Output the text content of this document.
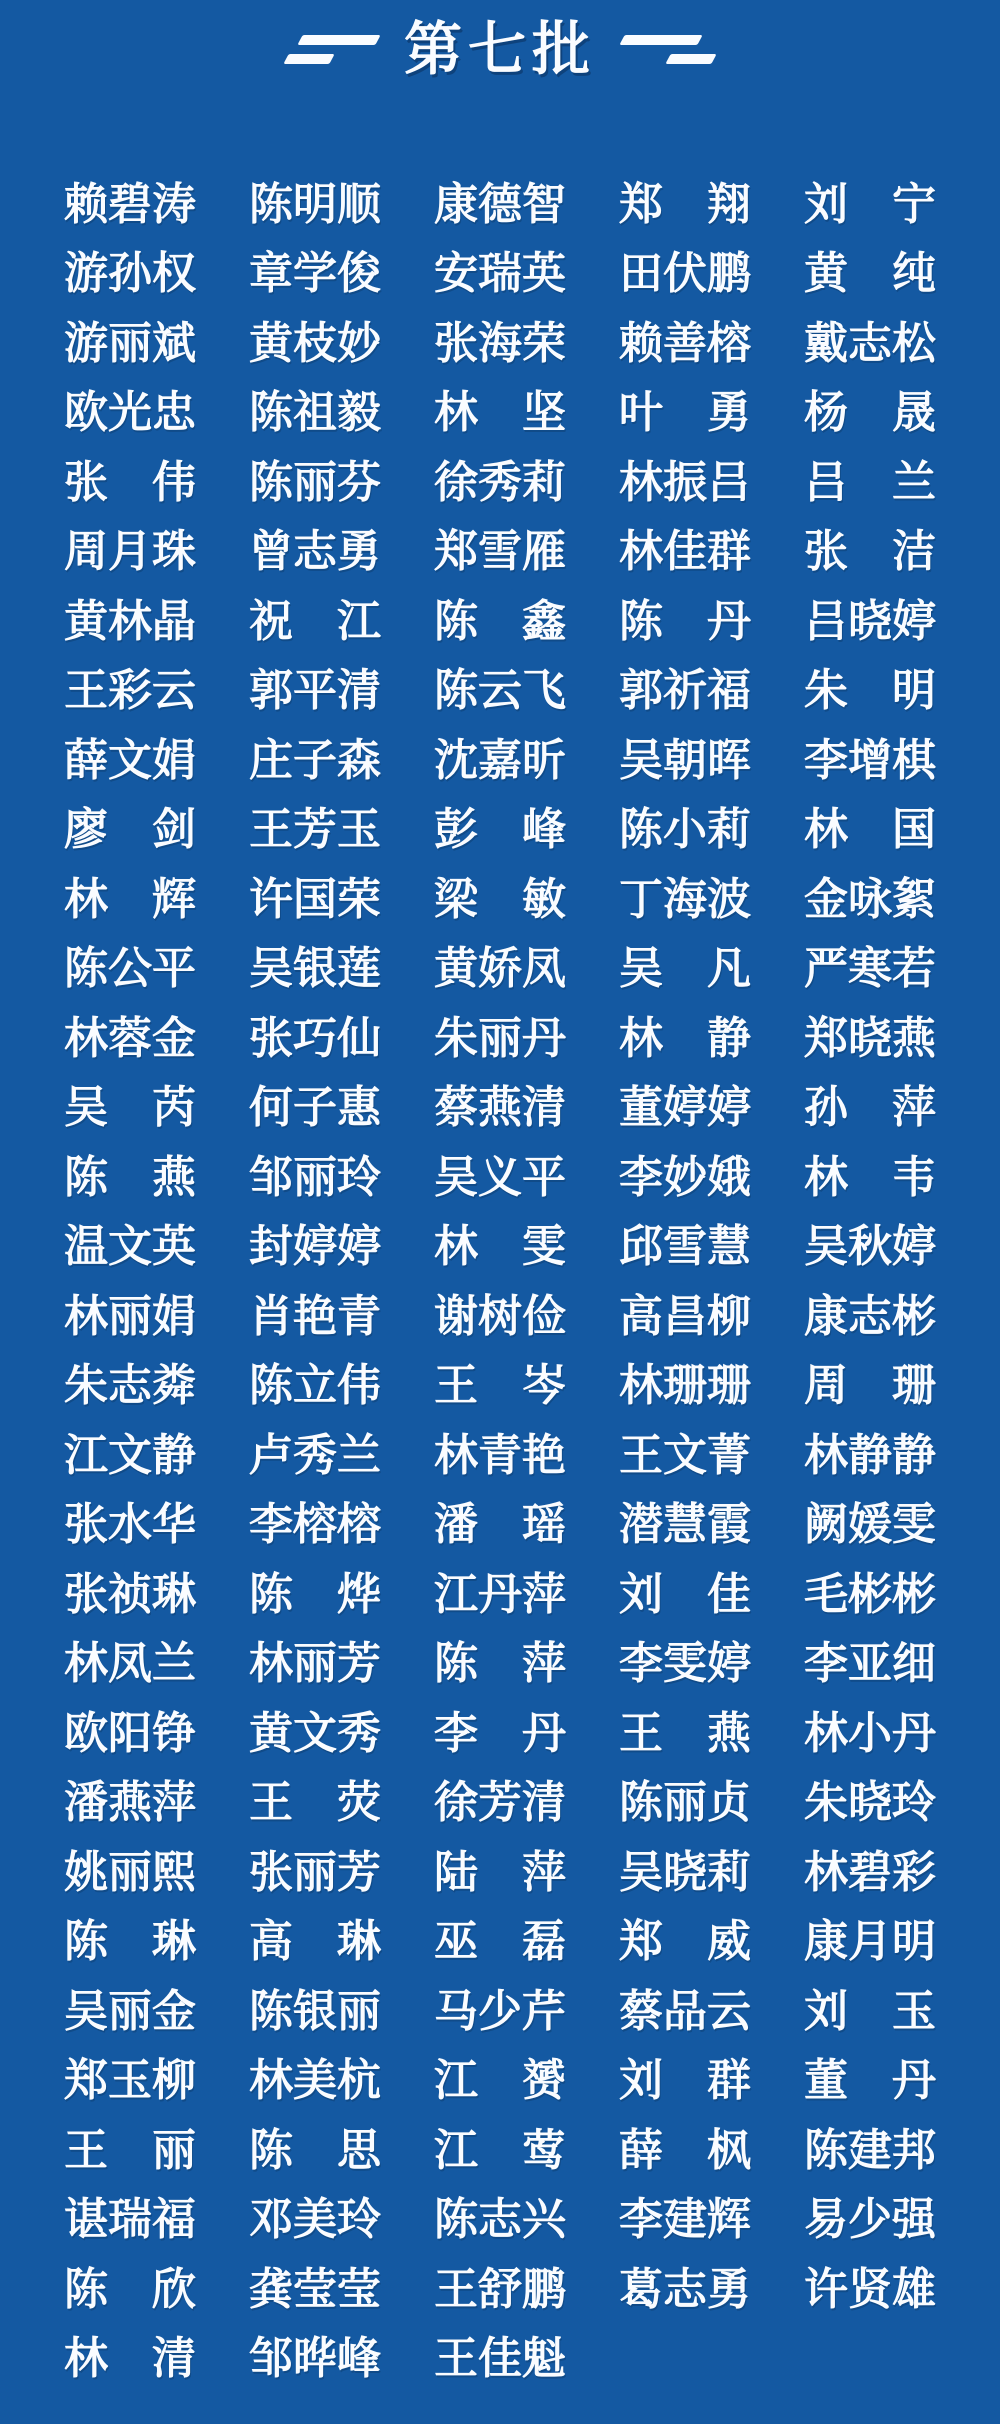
第七批
赖 碧 涛 陈 明 顺 康 德 智 郑 翔 刘 宁
游 孙 权 章 学 俊 安 瑞 英 田 伏 鹏 黄 纯
游 丽 斌 黄 枝 妙 张 海 荣 赖 善 榕 戴 志 松
欧 光 忠 陈 祖 毅 林 坚 叶 勇 杨 晟
张 伟 陈 丽 芬 徐 秀 莉 林 振 吕 吕 兰
周 月 珠 曾 志 勇 郑 雪 雁 林 佳 群 张 洁
黄 林 晶 祝 江 陈 鑫 陈 丹 吕 晓 婷
王 彩 云 郭 平 清 陈 云 飞 郭 祈 福 朱 明
薛 文 娟 庄 子 森 沈 嘉 昕 吴 朝 晖 李 增 棋
廖 剑 王 芳 玉 彭 峰 陈 小 莉 林 国
林 辉 许 国 荣 梁 敏 丁 海 波 金 咏 絮
陈 公 平 吴 银 莲 黄 娇 凤 吴 凡 严 寒 若
林 蓉 金 张 巧 仙 朱 丽 丹 林 静 郑 晓 燕
吴 芮 何 子 惠 蔡 燕 清 董 婷 婷 孙 萍
陈 燕 邹 丽 玲 吴 义 平 李 妙 娥 林 韦
温 文 英 封 婷 婷 林 雯 邱 雪 慧 吴 秋 婷
林 丽 娟 肖 艳 青 谢 树 俭 高 昌 柳 康 志 彬
朱 志 粦 陈 立 伟 王 岑 林 珊 珊 周 珊
江 文 静 卢 秀 兰 林 青 艳 王 文 菁 林 静 静
张 水 华 李 榕 榕 潘 瑶 潜 慧 霞 阙 媛 雯
张 祯 琳 陈 烨 江 丹 萍 刘 佳 毛 彬 彬
林 凤 兰 林 丽 芳 陈 萍 李 雯 婷 李 亚 细
欧 阳 铮 黄 文 秀 李 丹 王 燕 林 小 丹
潘 燕 萍 王 荧 徐 芳 清 陈 丽 贞 朱 晓 玲
姚 丽 熙 张 丽 芳 陆 萍 吴 晓 莉 林 碧 彩
陈 琳 高 琳 巫 磊 郑 威 康 月 明
吴 丽 金 陈 银 丽 马 少 芹 蔡 品 云 刘 玉
郑 玉 柳 林 美 杭 江 赟 刘 群 董 丹
王 丽 陈 思 江 莺 薛 枫 陈 建 邦
谌 瑞 福 邓 美 玲 陈 志 兴 李 建 辉 易 少 强
陈 欣 龚 莹 莹 王 舒 鹏 葛 志 勇 许 贤 雄
林 清 邹 晔 峰 王 佳 魁
